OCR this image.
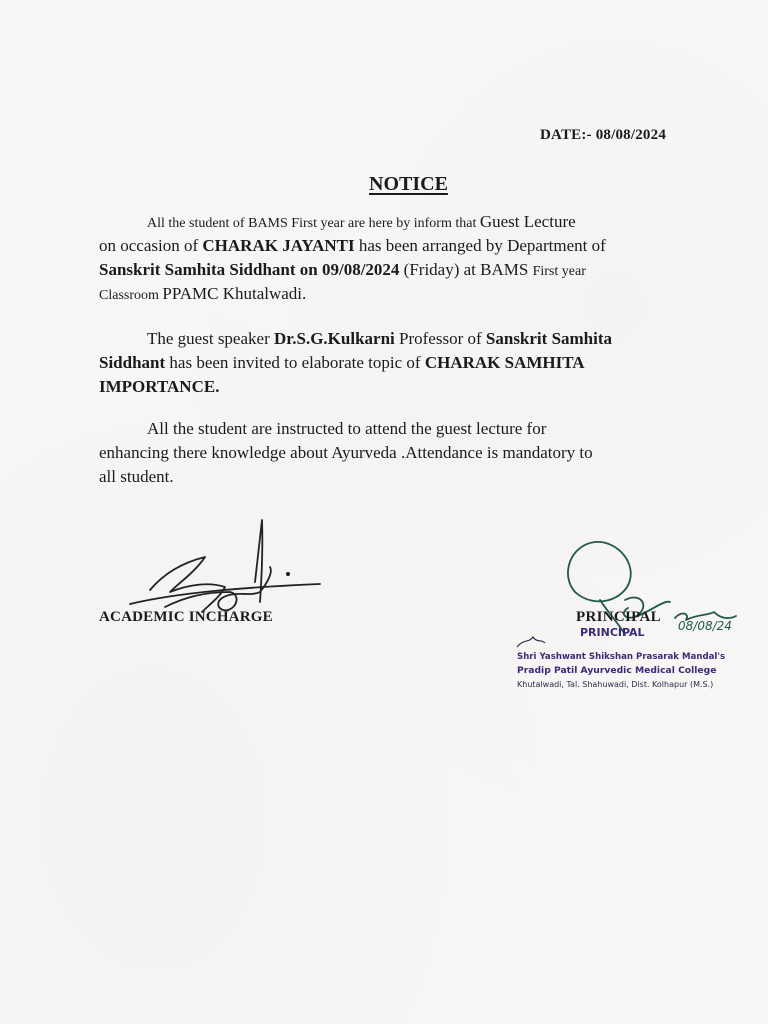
DATE:- 08/08/2024
NOTICE
All the student of BAMS First year are here by inform that Guest Lecture
on occasion of CHARAK JAYANTI has been arranged by Department of
Sanskrit Samhita Siddhant on 09/08/2024 (Friday) at BAMS First year
Classroom PPAMC Khutalwadi.
The guest speaker Dr.S.G.Kulkarni Professor of Sanskrit Samhita
Siddhant has been invited to elaborate topic of CHARAK SAMHITA
IMPORTANCE.
All the student are instructed to attend the guest lecture for
enhancing there knowledge about Ayurveda .Attendance is mandatory to
all student.
ACADEMIC INCHARGE
08/08/24
PRINCIPAL
PRINCIPAL
Shri Yashwant Shikshan Prasarak Mandal's
Pradip Patil Ayurvedic Medical College
Khutalwadi, Tal. Shahuwadi, Dist. Kolhapur (M.S.)
